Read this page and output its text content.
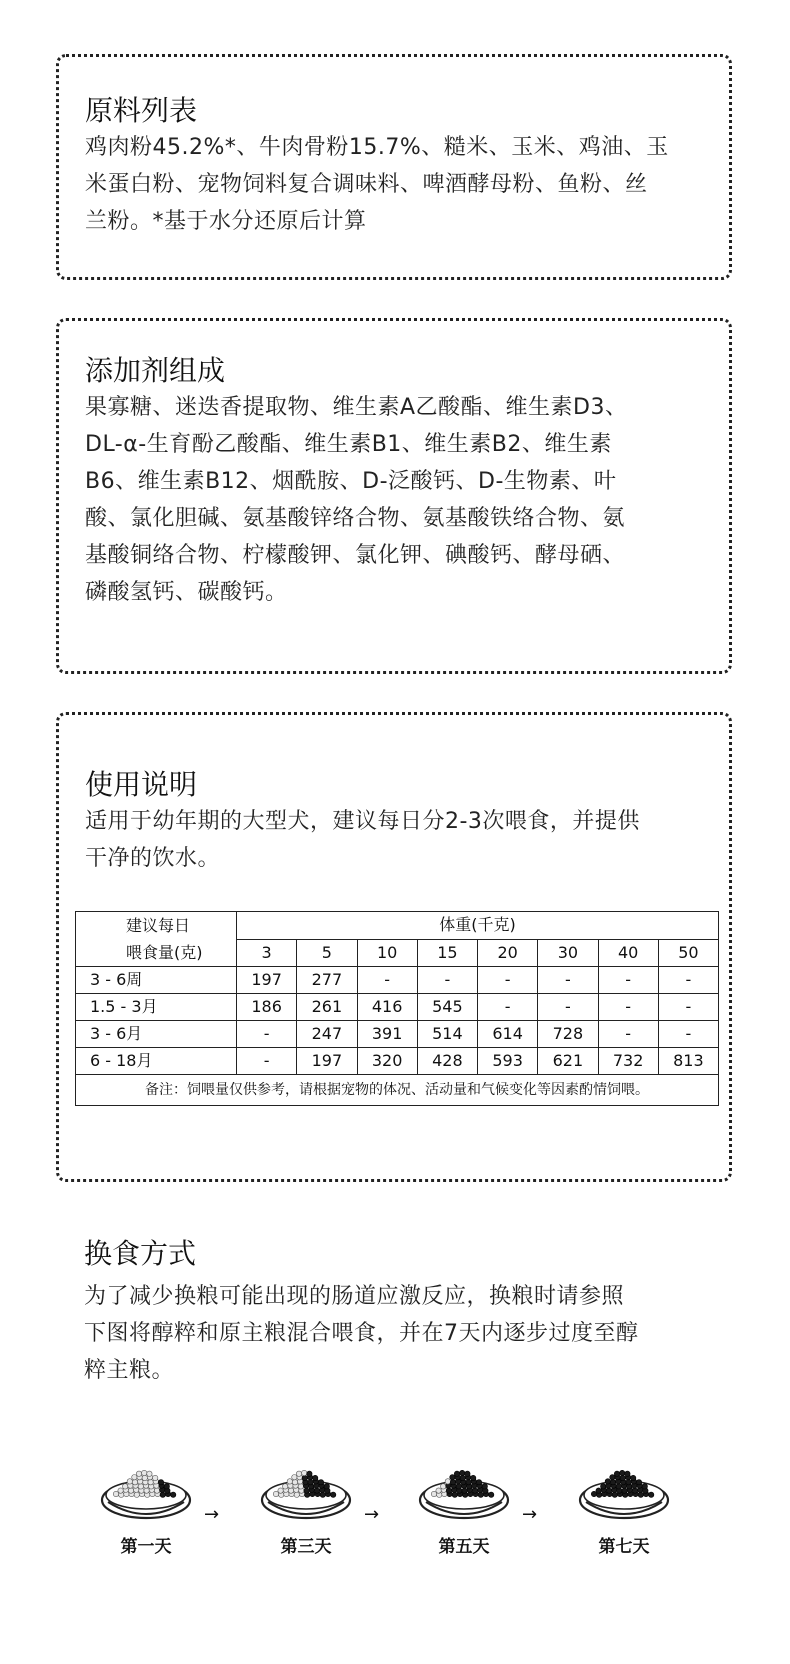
原料列表

鸡肉粉45.2%*、牛肉骨粉15.7%、糙米、玉米、鸡油、玉

米蛋白粉、宠物饲料复合调味料、啤酒酵母粉、鱼粉、丝

兰粉。*基于水分还原后计算

添加剂组成

果寡糖、迷迭香提取物、维生素A乙酸酯、维生素D3、

DL-α-生育酚乙酸酯、维生素B1、维生素B2、维生素

B6、维生素B12、烟酰胺、D-泛酸钙、D-生物素、叶

酸、氯化胆碱、氨基酸锌络合物、氨基酸铁络合物、氨

基酸铜络合物、柠檬酸钾、氯化钾、碘酸钙、酵母硒、

磷酸氢钙、碳酸钙。

使用说明

适用于幼年期的大型犬，建议每日分2-3次喂食，并提供

干净的饮水。

建议每日
喂食量(克)	体重(千克)							
	3	5	10	15	20	30	40	50
3 - 6周	197	277	-	-	-	-	-	-
1.5 - 3月	186	261	416	545	-	-	-	-
3 - 6月	-	247	391	514	614	728	-	-
6 - 18月	-	197	320	428	593	621	732	813
备注：饲喂量仅供参考，请根据宠物的体况、活动量和气候变化等因素酌情饲喂。								
换食方式

为了减少换粮可能出现的肠道应激反应，换粮时请参照

下图将醇粹和原主粮混合喂食，并在7天内逐步过度至醇

粹主粮。

第一天
→
第三天
→
第五天
→
第七天
